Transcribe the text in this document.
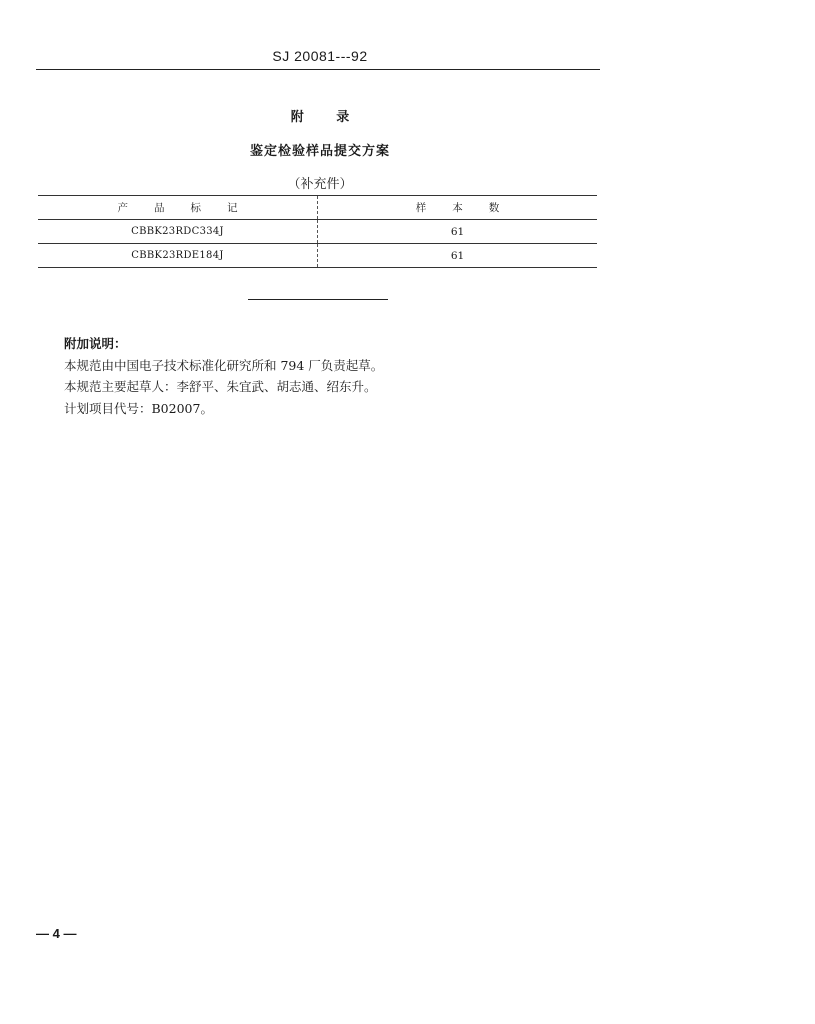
SJ 20081---92
附 录
鉴定检验样品提交方案
（补充件）
产品标记	样本数
CBBK23RDC334J	61
CBBK23RDE184J	61
附加说明：
本规范由中国电子技术标准化研究所和 794 厂负责起草。
本规范主要起草人：李舒平、朱宜武、胡志通、绍东升。
计划项目代号：B02007。
— 4 —
